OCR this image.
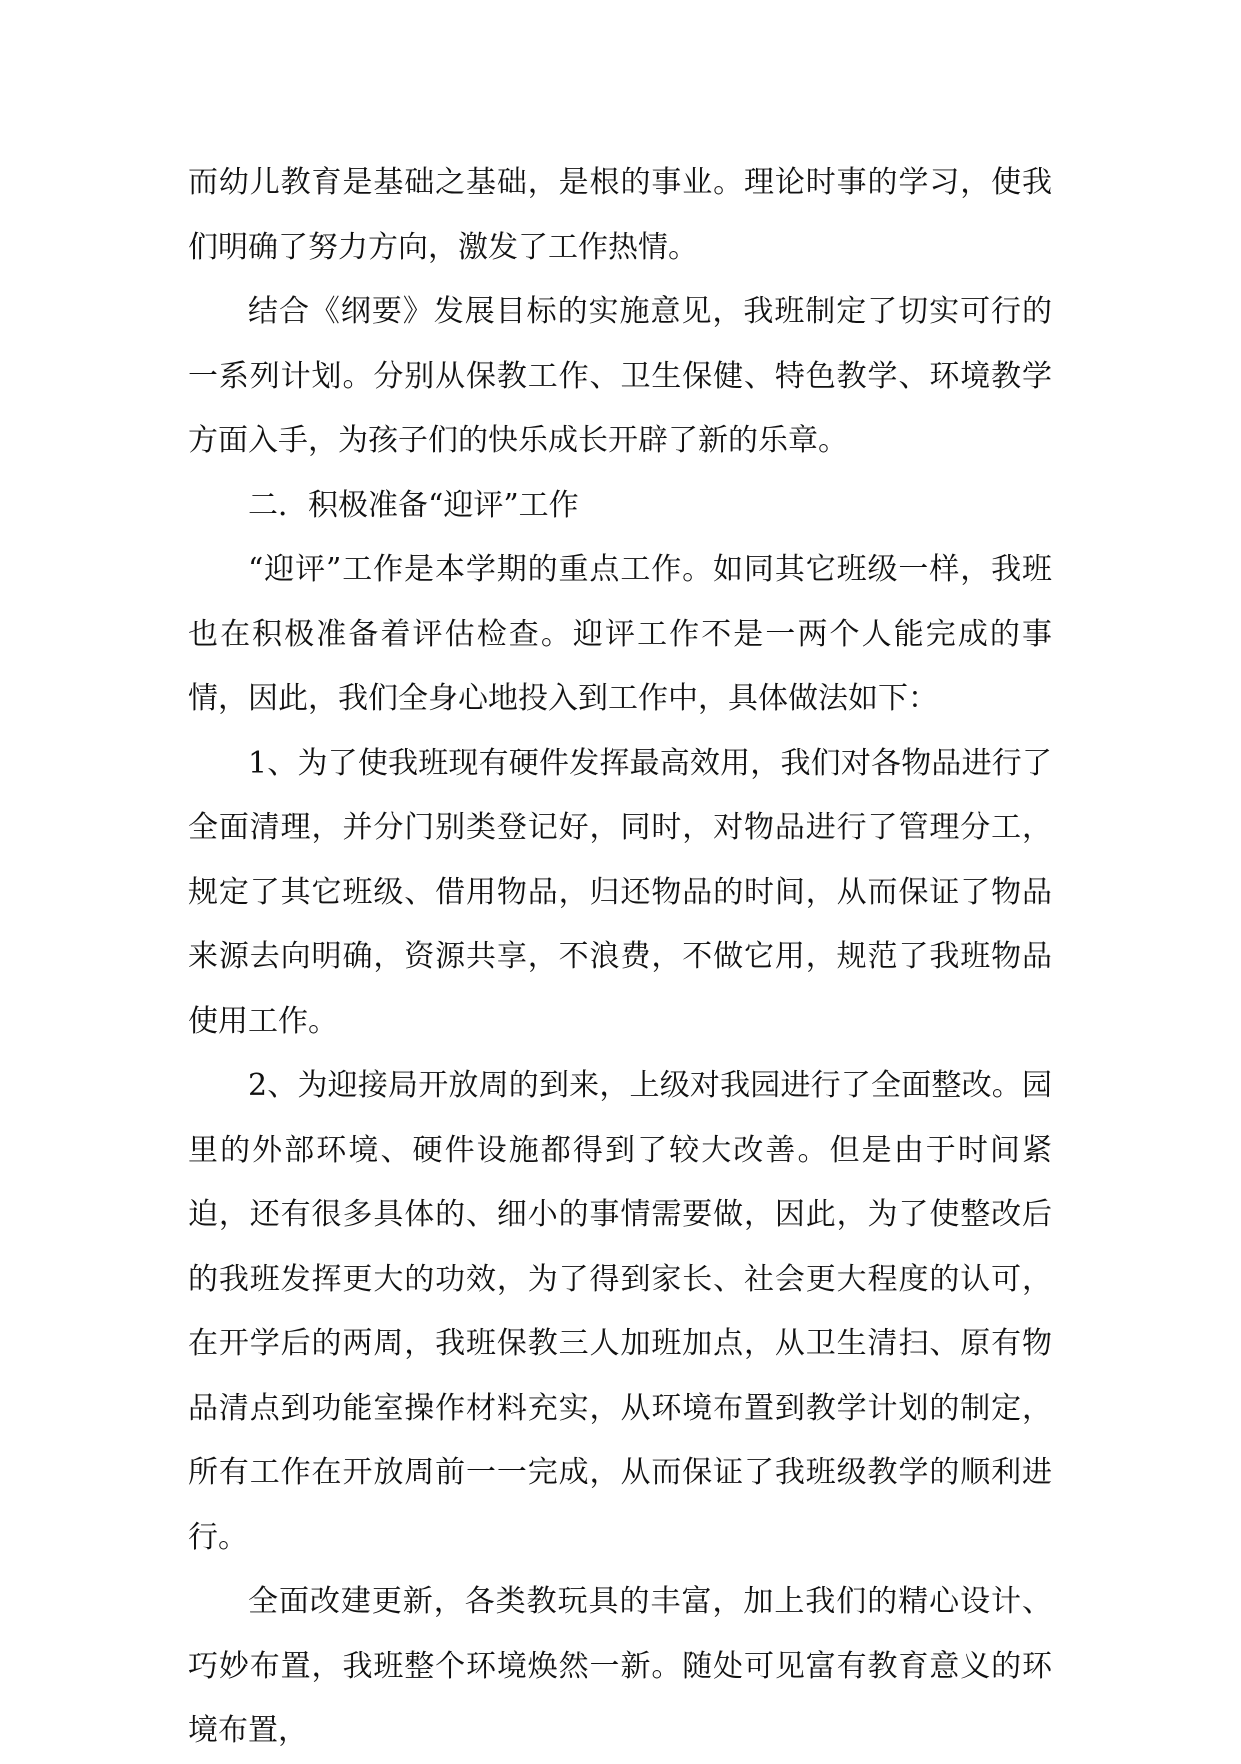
而幼儿教育是基础之基础，是根的事业。理论时事的学习，使我们明确了努力方向，激发了工作热情。

结合《纲要》发展目标的实施意见，我班制定了切实可行的一系列计划。分别从保教工作、卫生保健、特色教学、环境教学方面入手，为孩子们的快乐成长开辟了新的乐章。

二．积极准备“迎评”工作

“迎评”工作是本学期的重点工作。如同其它班级一样，我班也在积极准备着评估检查。迎评工作不是一两个人能完成的事情，因此，我们全身心地投入到工作中，具体做法如下：

1、为了使我班现有硬件发挥最高效用，我们对各物品进行了全面清理，并分门别类登记好，同时，对物品进行了管理分工，规定了其它班级、借用物品，归还物品的时间，从而保证了物品来源去向明确，资源共享，不浪费，不做它用，规范了我班物品使用工作。

2、为迎接局开放周的到来，上级对我园进行了全面整改。园里的外部环境、硬件设施都得到了较大改善。但是由于时间紧迫，还有很多具体的、细小的事情需要做，因此，为了使整改后的我班发挥更大的功效，为了得到家长、社会更大程度的认可，在开学后的两周，我班保教三人加班加点，从卫生清扫、原有物品清点到功能室操作材料充实，从环境布置到教学计划的制定，所有工作在开放周前一一完成，从而保证了我班级教学的顺利进行。

全面改建更新，各类教玩具的丰富，加上我们的精心设计、巧妙布置，我班整个环境焕然一新。随处可见富有教育意义的环境布置，
